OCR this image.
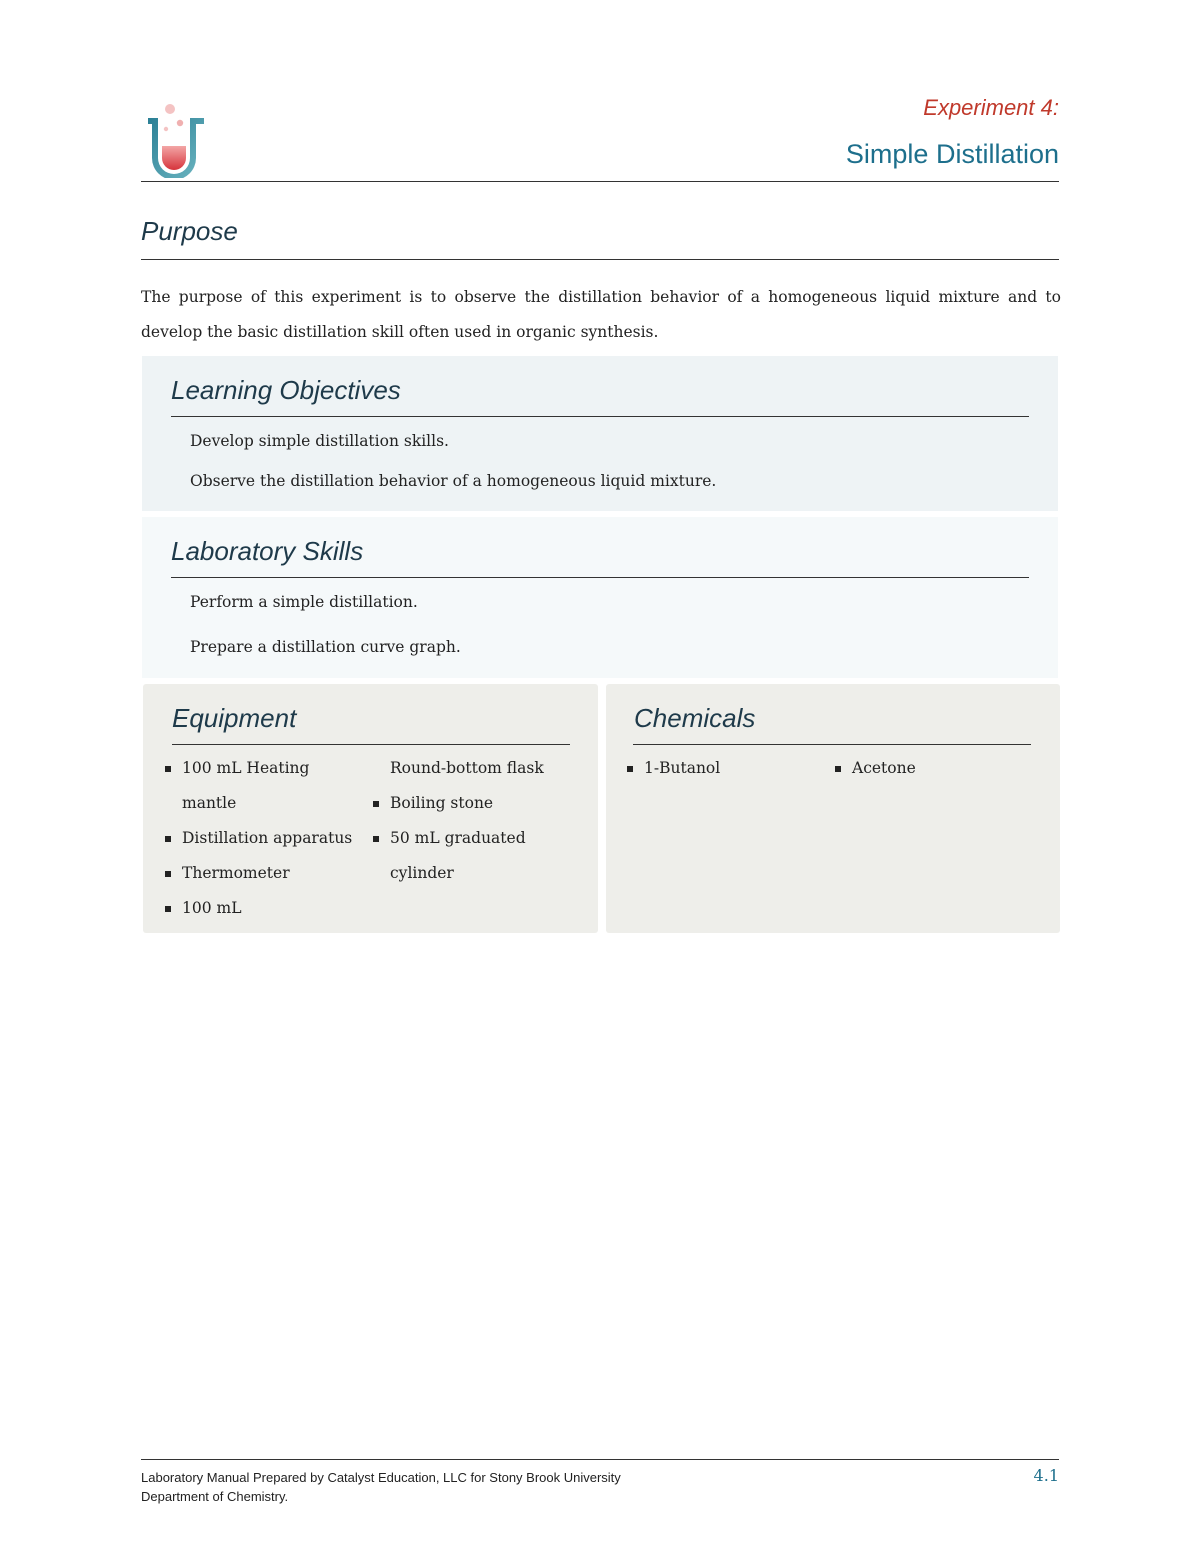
Experiment 4:
Simple Distillation
Purpose
The purpose of this experiment is to observe the distillation behavior of a homogeneous liquid mixture and to develop the basic distillation skill often used in organic synthesis.
Learning Objectives
Develop simple distillation skills.
Observe the distillation behavior of a homogeneous liquid mixture.
Laboratory Skills
Perform a simple distillation.
Prepare a distillation curve graph.
Equipment
100 mL Heating
mantle
Distillation apparatus
Thermometer
100 mL
Round-bottom flask
Boiling stone
50 mL graduated
cylinder
Chemicals
1-Butanol	Acetone
Laboratory Manual Prepared by Catalyst Education, LLC for Stony Brook University
Department of Chemistry.
4.1
